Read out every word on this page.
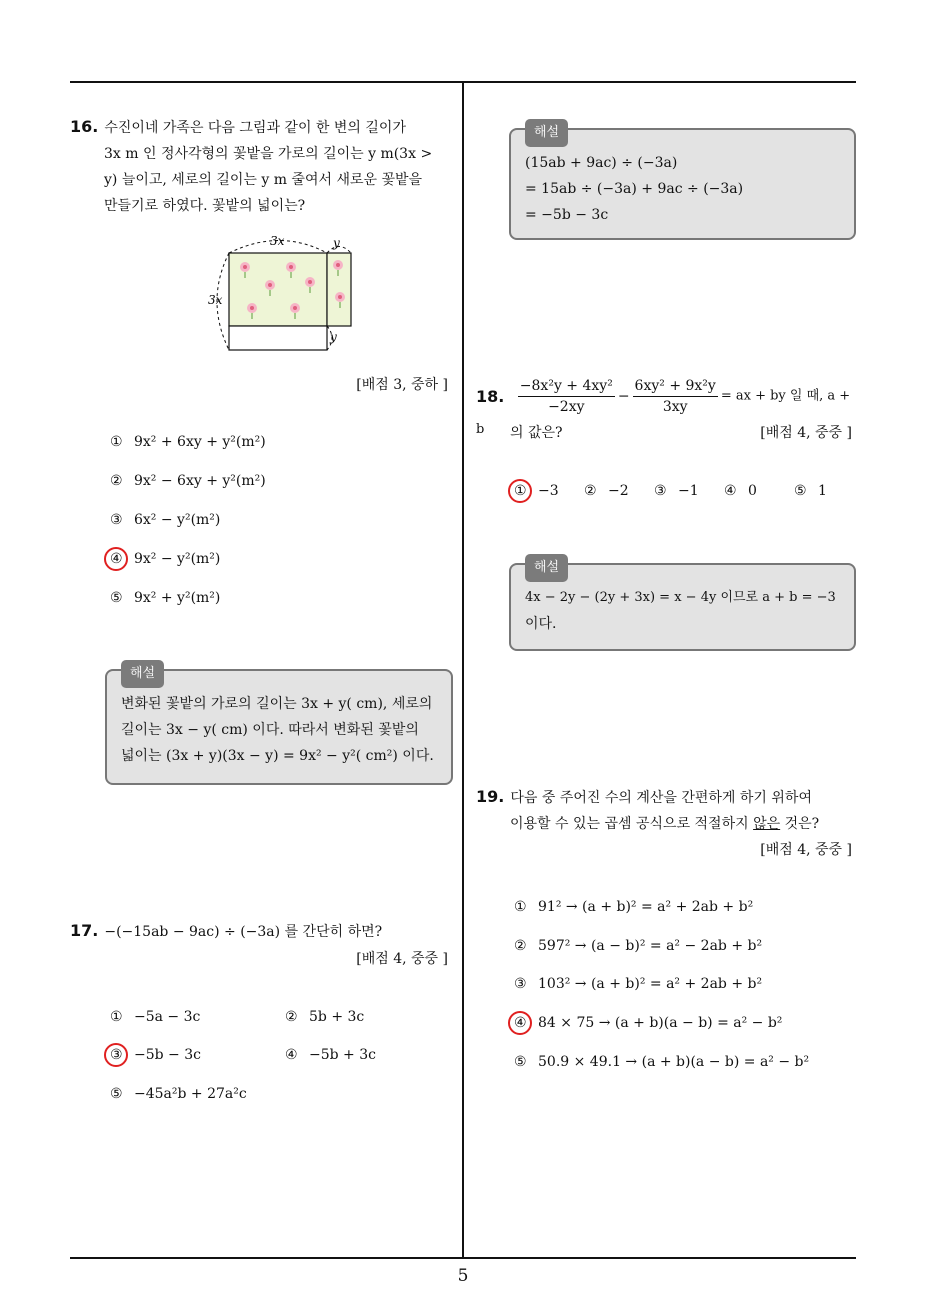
16. 수진이네 가족은 다음 그림과 같이 한 변의 길이가
3x m 인 정사각형의 꽃밭을 가로의 길이는 y m(3x >
y) 늘이고, 세로의 길이는 y m 줄여서 새로운 꽃밭을
만들기로 하였다. 꽃밭의 넓이는?
3x	y
3x
y
[배점 3, 중하 ]
① 9x² + 6xy + y²(m²)
② 9x² − 6xy + y²(m²)
③ 6x² − y²(m²)
④ 9x² − y²(m²)
⑤ 9x² + y²(m²)
해설
변화된 꽃밭의 가로의 길이는 3x + y( cm), 세로의
길이는 3x − y( cm) 이다. 따라서 변화된 꽃밭의
넓이는 (3x + y)(3x − y) = 9x² − y²( cm²) 이다.
17. −(−15ab − 9ac) ÷ (−3a) 를 간단히 하면?
[배점 4, 중중 ]
① −5a − 3c	② 5b + 3c
③ −5b − 3c	④ −5b + 3c
⑤ −45a²b + 27a²c
해설
(15ab + 9ac) ÷ (−3a)
= 15ab ÷ (−3a) + 9ac ÷ (−3a)
= −5b − 3c
18. $\frac{\text{−8x²y + 4xy²}}{-2xy} - \frac{\text{6xy² + 9x²y}}{3xy}$ = ax + by 일 때, a + b	의 값은?	[배점 4, 중중 ]
① −3 ② −2 ③ −1 ④ 0	⑤ 1
해설
4x − 2y − (2y + 3x) = x − 4y 이므로 a + b = −3
이다.
19. 다음 중 주어진 수의 계산을 간편하게 하기 위하여
이용할 수 있는 곱셈 공식으로 적절하지 않은 것은?
[배점 4, 중중 ]
① 91² → (a + b)² = a² + 2ab + b²
② 597² → (a − b)² = a² − 2ab + b²
③ 103² → (a + b)² = a² + 2ab + b²
④ 84 × 75 → (a + b)(a − b) = a² − b²
⑤ 50.9 × 49.1 → (a + b)(a − b) = a² − b²
5
